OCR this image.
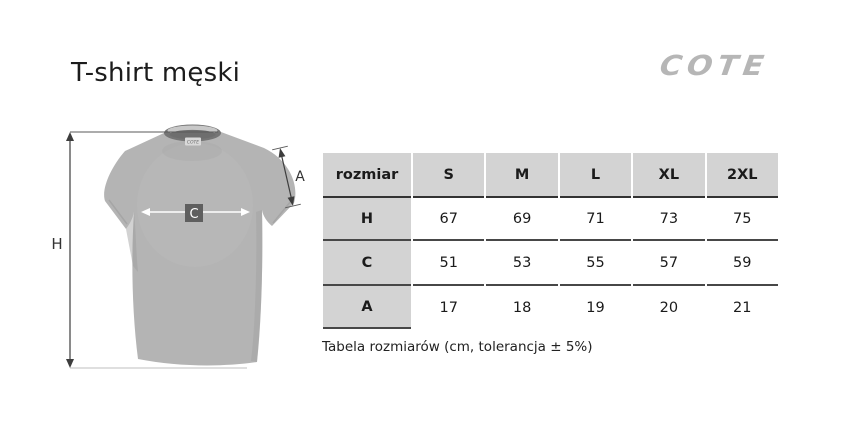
T-shirt męski	COTE
COTE
H
C
A rozmiar	S	M	L	XL	2XL
H	67	69	71	73	75
C	51	53	55	57	59
A	17	18	19	20	21
Tabela rozmiarów (cm, tolerancja ± 5%)
